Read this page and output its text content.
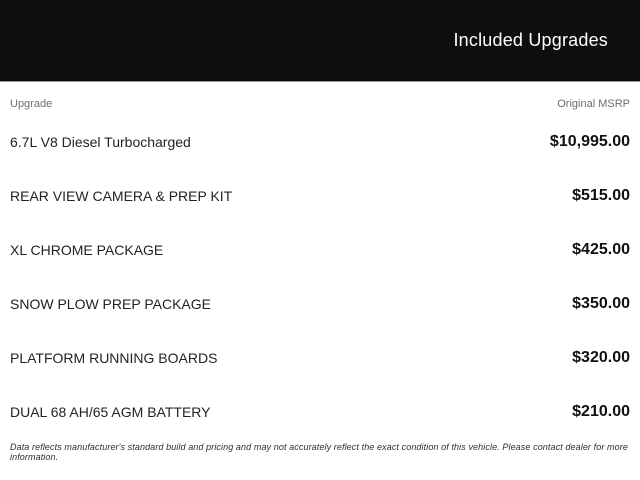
Included Upgrades
Upgrade	Original MSRP
6.7L V8 Diesel Turbocharged	$10,995.00
REAR VIEW CAMERA & PREP KIT	$515.00
XL CHROME PACKAGE	$425.00
SNOW PLOW PREP PACKAGE	$350.00
PLATFORM RUNNING BOARDS	$320.00
DUAL 68 AH/65 AGM BATTERY	$210.00
Data reflects manufacturer's standard build and pricing and may not accurately reflect the exact condition of this vehicle. Please contact dealer for more information.
